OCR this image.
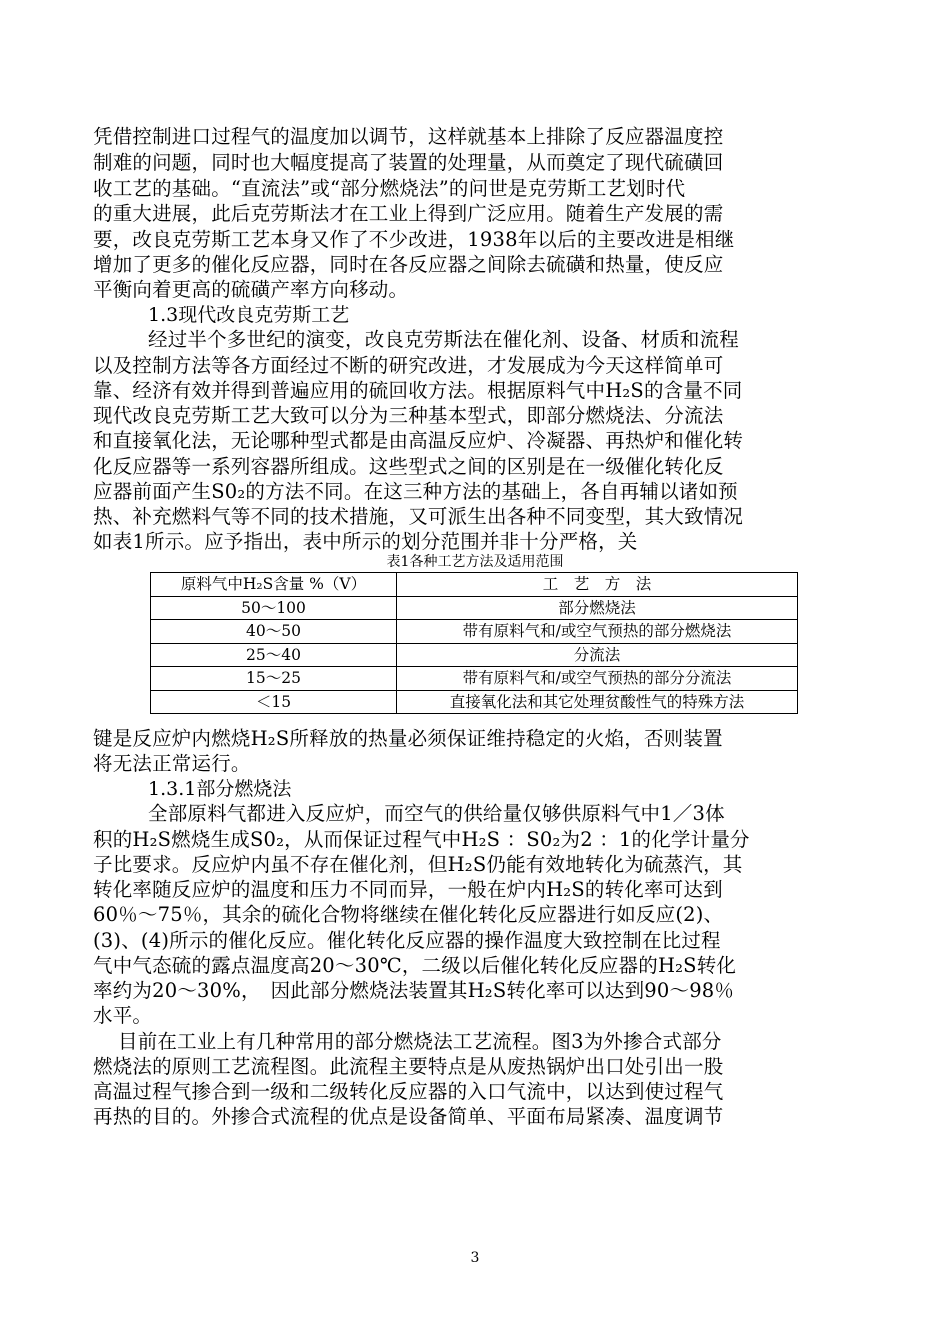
凭借控制进口过程气的温度加以调节，这样就基本上排除了反应器温度控
制难的问题，同时也大幅度提高了装置的处理量，从而奠定了现代硫磺回
收工艺的基础。“直流法”或“部分燃烧法”的问世是克劳斯工艺划时代
的重大进展，此后克劳斯法才在工业上得到广泛应用。随着生产发展的需
要，改良克劳斯工艺本身又作了不少改进，1938年以后的主要改进是相继
增加了更多的催化反应器，同时在各反应器之间除去硫磺和热量，使反应
平衡向着更高的硫磺产率方向移动。
1.3现代改良克劳斯工艺
经过半个多世纪的演变，改良克劳斯法在催化剂、设备、材质和流程
以及控制方法等各方面经过不断的研究改进，才发展成为今天这样简单可
靠、经济有效并得到普遍应用的硫回收方法。根据原料气中H₂S的含量不同
现代改良克劳斯工艺大致可以分为三种基本型式，即部分燃烧法、分流法
和直接氧化法，无论哪种型式都是由高温反应炉、冷凝器、再热炉和催化转
化反应器等一系列容器所组成。这些型式之间的区别是在一级催化转化反
应器前面产生S0₂的方法不同。在这三种方法的基础上，各自再辅以诸如预
热、补充燃料气等不同的技术措施，又可派生出各种不同变型，其大致情况
如表1所示。应予指出，表中所示的划分范围并非十分严格，关
表1各种工艺方法及适用范围
原料气中H₂S含量 %（V）	工　艺　方　法
50～100	部分燃烧法
40～50	带有原料气和/或空气预热的部分燃烧法
25～40	分流法
15～25	带有原料气和/或空气预热的部分分流法
＜15	直接氧化法和其它处理贫酸性气的特殊方法
键是反应炉内燃烧H₂S所释放的热量必须保证维持稳定的火焰，否则装置
将无法正常运行。
1.3.1部分燃烧法
全部原料气都进入反应炉，而空气的供给量仅够供原料气中1／3体
积的H₂S燃烧生成S0₂，从而保证过程气中H₂S ：S0₂为2 ：1的化学计量分
子比要求。反应炉内虽不存在催化剂，但H₂S仍能有效地转化为硫蒸汽，其
转化率随反应炉的温度和压力不同而异，一般在炉内H₂S的转化率可达到
60％～75％，其余的硫化合物将继续在催化转化反应器进行如反应(2)、
(3)、(4)所示的催化反应。催化转化反应器的操作温度大致控制在比过程
气中气态硫的露点温度高20～30℃，二级以后催化转化反应器的H₂S转化
率约为20～30%，　因此部分燃烧法装置其H₂S转化率可以达到90～98％
水平。
目前在工业上有几种常用的部分燃烧法工艺流程。图3为外掺合式部分
燃烧法的原则工艺流程图。此流程主要特点是从废热锅炉出口处引出一股
高温过程气掺合到一级和二级转化反应器的入口气流中，以达到使过程气
再热的目的。外掺合式流程的优点是设备简单、平面布局紧凑、温度调节
3
